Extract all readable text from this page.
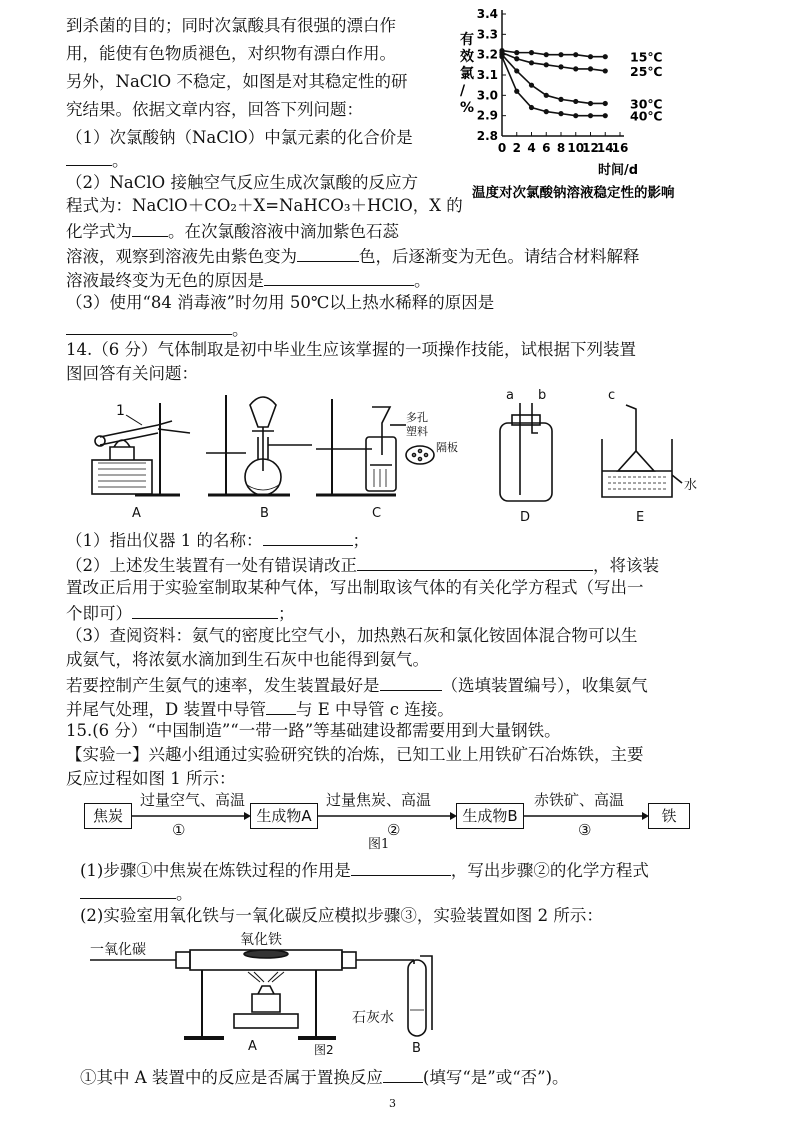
到杀菌的目的；同时次氯酸具有很强的漂白作
用，能使有色物质褪色，对织物有漂白作用。
另外，NaClO 不稳定，如图是对其稳定性的研
究结果。依据文章内容，回答下列问题：
（1）次氯酸钠（NaClO）中氯元素的化合价是
。
（2）NaClO 接触空气反应生成次氯酸的反应方
程式为：NaClO＋CO₂＋X=NaHCO₃＋HClO，X 的
化学式为 。在次氯酸溶液中滴加紫色石蕊
溶液，观察到溶液先由紫色变为	色，后逐渐变为无色。请结合材料解释
溶液最终变为无色的原因是	。
（3）使用“84 消毒液”时勿用 50℃以上热水稀释的原因是
。
2.8
2.9
3.0
3.1
3.2
3.3
3.4
0 2 4 6 8 10
12
14
16
15℃
25℃
30℃
40℃
有效氯/ %
时间/d
温度对次氯酸钠溶液稳定性的影响
14.（6 分）气体制取是初中毕业生应该掌握的一项操作技能，试根据下列装置
图回答有关问题：
1
A	B
多孔
塑料
隔板
C
a b
D
c
水
E
（1）指出仪器 1 的名称：	；
（2）上述发生装置有一处有错误请改正	，将该装
置改正后用于实验室制取某种气体，写出制取该气体的有关化学方程式（写出一
个即可）	；
（3）查阅资料：氨气的密度比空气小，加热熟石灰和氯化铵固体混合物可以生
成氨气，将浓氨水滴加到生石灰中也能得到氨气。
若要控制产生氨气的速率，发生装置最好是	（选填装置编号），收集氨气
并尾气处理，D 装置中导管 与 E 中导管 c 连接。
15.(6 分）“中国制造”“一带一路”等基础建设都需要用到大量钢铁。
【实验一】兴趣小组通过实验研究铁的冶炼，已知工业上用铁矿石冶炼铁，主要
反应过程如图 1 所示：
焦炭	生成物A	生成物B	铁
过量空气、高温	过量焦炭、高温	赤铁矿、高温
①	②	③
图1
(1)步骤①中焦炭在炼铁过程的作用是	，写出步骤②的化学方程式
。
(2)实验室用氧化铁与一氧化碳反应模拟步骤③，实验装置如图 2 所示：
一氧化碳
氧化铁
石灰水
A	B
图2
①其中 A 装置中的反应是否属于置换反应 (填写“是”或“否”)。
3
